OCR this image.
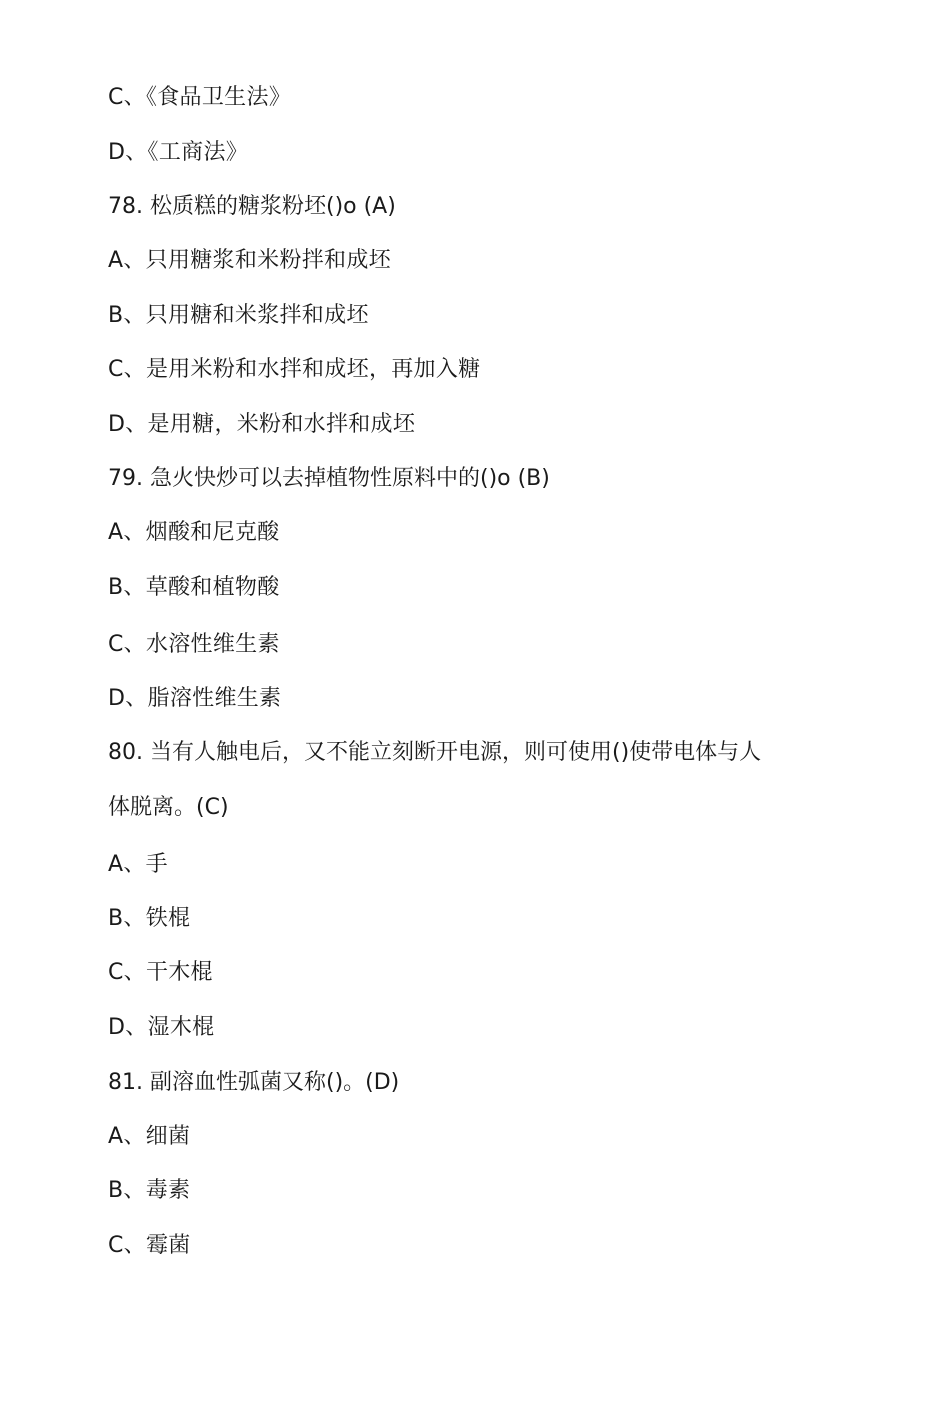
C、《食品卫生法》
D、《工商法》
78. 松质糕的糖浆粉坯()o (A)
A、只用糖浆和米粉拌和成坯
B、只用糖和米浆拌和成坯
C、是用米粉和水拌和成坯，再加入糖
D、是用糖，米粉和水拌和成坯
79. 急火快炒可以去掉植物性原料中的()o (B)
A、烟酸和尼克酸
B、草酸和植物酸
C、水溶性维生素
D、脂溶性维生素
80. 当有人触电后，又不能立刻断开电源，则可使用()使带电体与人
体脱离。(C)
A、手
B、铁棍
C、干木棍
D、湿木棍
81. 副溶血性弧菌又称()。(D)
A、细菌
B、毒素
C、霉菌
